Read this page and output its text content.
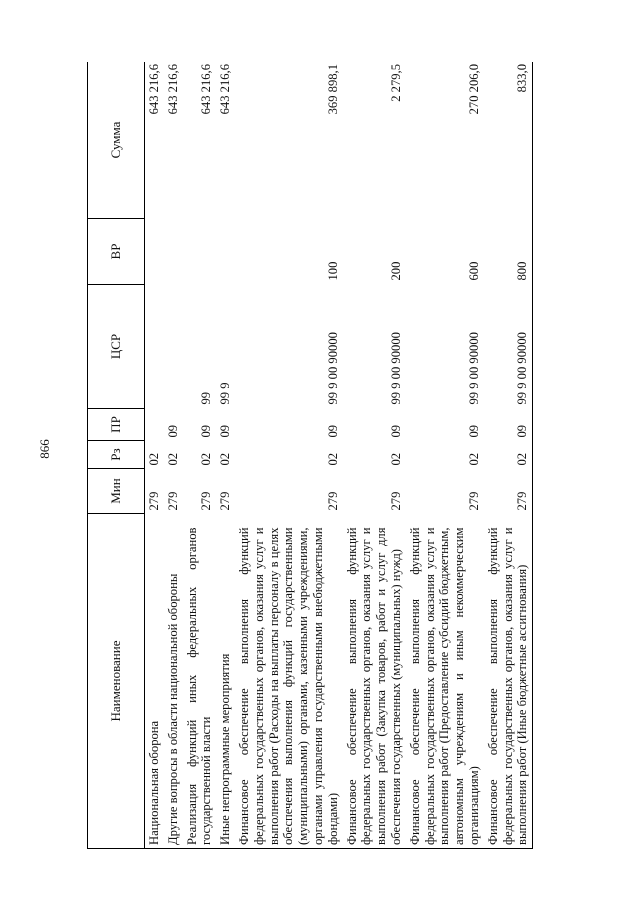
866
Наименование	Мин	Рз	ПР	ЦСР	ВР	Сумма
Национальная оборона	279	02				643 216,6
Другие вопросы в области национальной обороны	279	02	09			643 216,6
Реализация функций иных федеральных органов государственной власти	279	02	09	99		643 216,6
Иные непрограммные мероприятия	279	02	09	99 9		643 216,6
Финансовое обеспечение выполнения функций федеральных государственных органов, оказания услуг и выполнения работ (Расходы на выплаты персоналу в целях обеспечения выполнения функций государственными (муниципальными) органами, казенными учреждениями, органами управления государственными внебюджетными фондами)	279	02	09	99 9 00 90000	100	369 898,1
Финансовое обеспечение выполнения функций федеральных государственных органов, оказания услуг и выполнения работ (Закупка товаров, работ и услуг для обеспечения государственных (муниципальных) нужд)	279	02	09	99 9 00 90000	200	2 279,5
Финансовое обеспечение выполнения функций федеральных государственных органов, оказания услуг и выполнения работ (Предоставление субсидий бюджетным, автономным учреждениям и иным некоммерческим организациям)	279	02	09	99 9 00 90000	600	270 206,0
Финансовое обеспечение выполнения функций федеральных государственных органов, оказания услуг и выполнения работ (Иные бюджетные ассигнования)	279	02	09	99 9 00 90000	800	833,0
